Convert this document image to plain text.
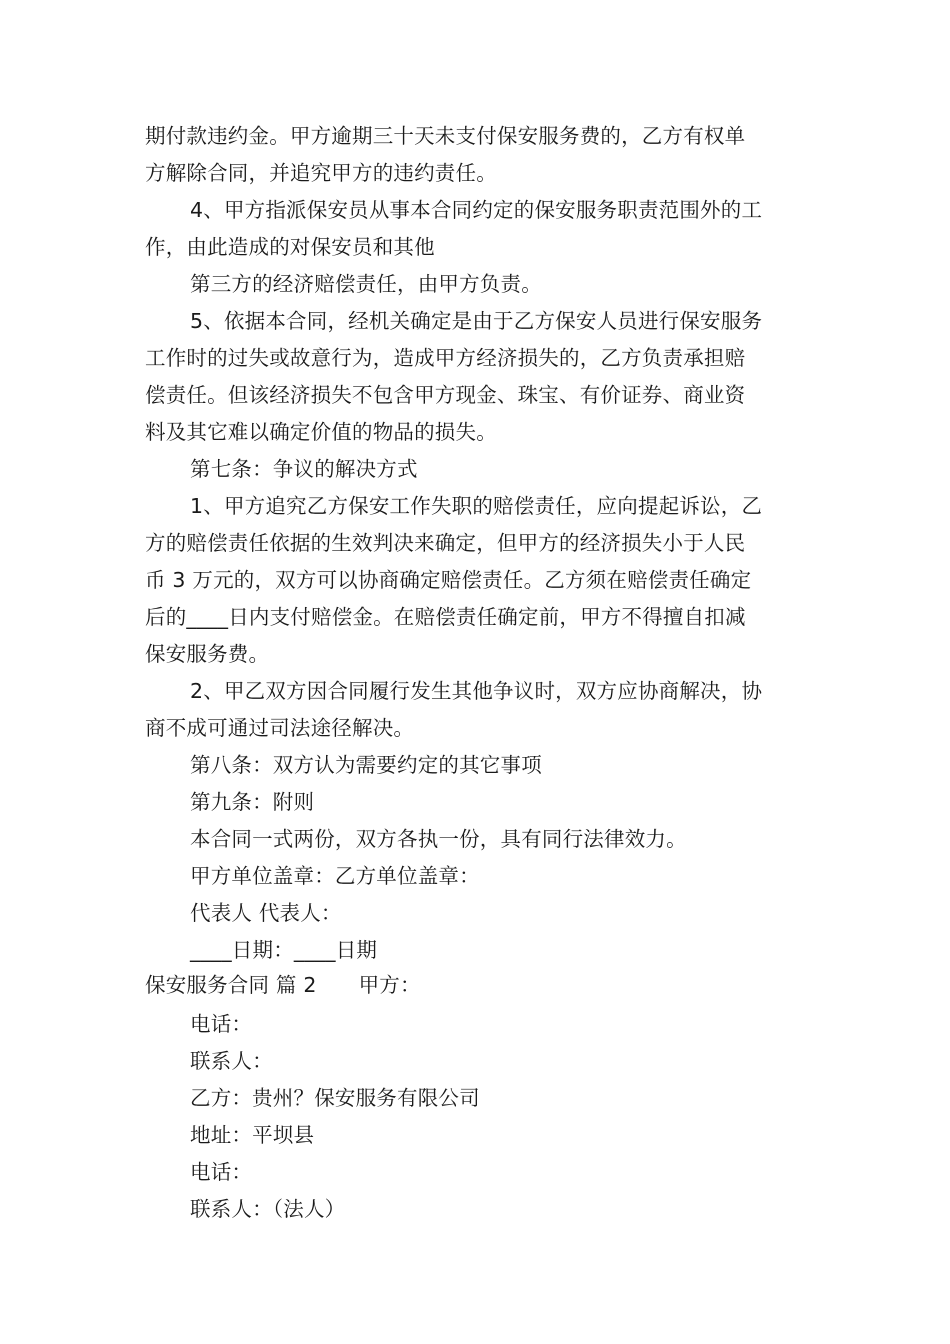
期付款违约金。甲方逾期三十天未支付保安服务费的，乙方有权单
方解除合同，并追究甲方的违约责任。
4、甲方指派保安员从事本合同约定的保安服务职责范围外的工
作，由此造成的对保安员和其他
第三方的经济赔偿责任，由甲方负责。
5、依据本合同，经机关确定是由于乙方保安人员进行保安服务
工作时的过失或故意行为，造成甲方经济损失的，乙方负责承担赔
偿责任。但该经济损失不包含甲方现金、珠宝、有价证券、商业资
料及其它难以确定价值的物品的损失。
第七条：争议的解决方式
1、甲方追究乙方保安工作失职的赔偿责任，应向提起诉讼，乙
方的赔偿责任依据的生效判决来确定，但甲方的经济损失小于人民
币 3 万元的，双方可以协商确定赔偿责任。乙方须在赔偿责任确定
后的____日内支付赔偿金。在赔偿责任确定前，甲方不得擅自扣减
保安服务费。
2、甲乙双方因合同履行发生其他争议时，双方应协商解决，协
商不成可通过司法途径解决。
第八条：双方认为需要约定的其它事项
第九条：附则
本合同一式两份，双方各执一份，具有同行法律效力。
甲方单位盖章：乙方单位盖章：
代表人 代表人：
____日期：____日期
保安服务合同 篇 2 甲方：
电话：
联系人：
乙方：贵州？保安服务有限公司
地址：平坝县
电话：
联系人：（法人）
